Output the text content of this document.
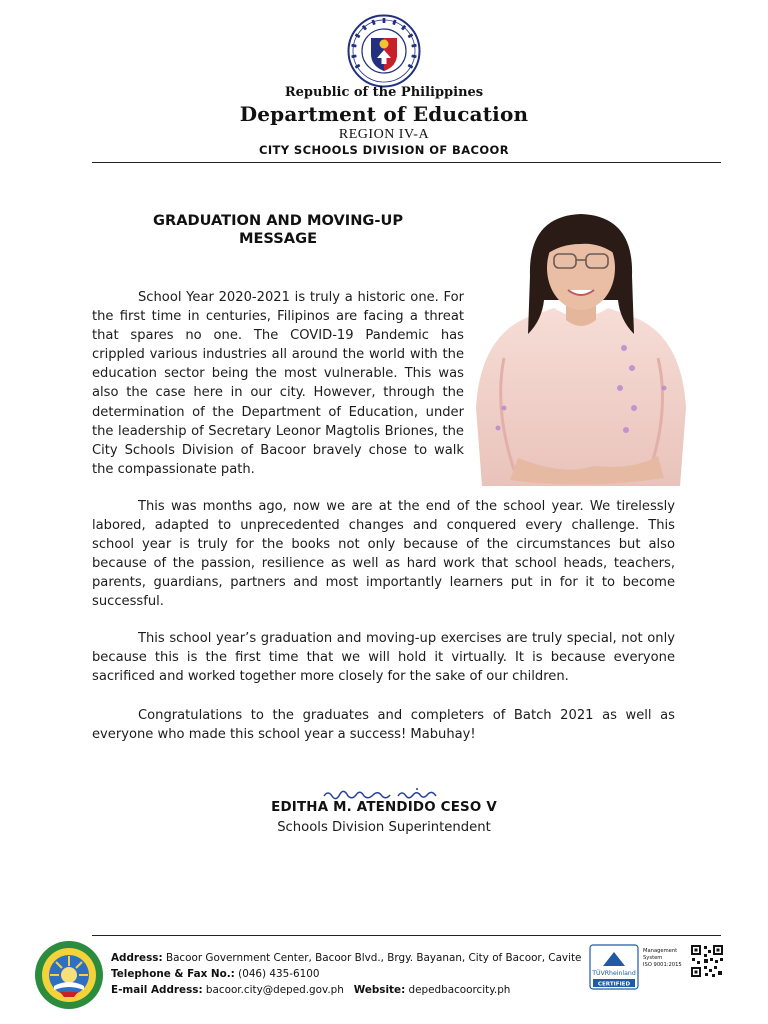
Republic of the Philippines
Department of Education
REGION IV-A
CITY SCHOOLS DIVISION OF BACOOR
GRADUATION AND MOVING-UP
MESSAGE
School Year 2020-2021 is truly a historic one. For the first time in centuries, Filipinos are facing a threat that spares no one. The COVID-19 Pandemic has crippled various industries all around the world with the education sector being the most vulnerable. This was also the case here in our city. However, through the determination of the Department of Education, under the leadership of Secretary Leonor Magtolis Briones, the City Schools Division of Bacoor bravely chose to walk the compassionate path.
This was months ago, now we are at the end of the school year. We tirelessly labored, adapted to unprecedented changes and conquered every challenge. This school year is truly for the books not only because of the circumstances but also because of the passion, resilience as well as hard work that school heads, teachers, parents, guardians, partners and most importantly learners put in for it to become successful.
This school year’s graduation and moving-up exercises are truly special, not only because this is the first time that we will hold it virtually. It is because everyone sacrificed and worked together more closely for the sake of our children.
Congratulations to the graduates and completers of Batch 2021 as well as everyone who made this school year a success! Mabuhay!
EDITHA M. ATENDIDO CESO V
Schools Division Superintendent
Address: Bacoor Government Center, Bacoor Blvd., Brgy. Bayanan, City of Bacoor, Cavite
Telephone & Fax No.: (046) 435-6100
E-mail Address: bacoor.city@deped.gov.ph Website: depedbacoorcity.ph
TÜVRheinland
CERTIFIED
Management
System
ISO 9001:2015
